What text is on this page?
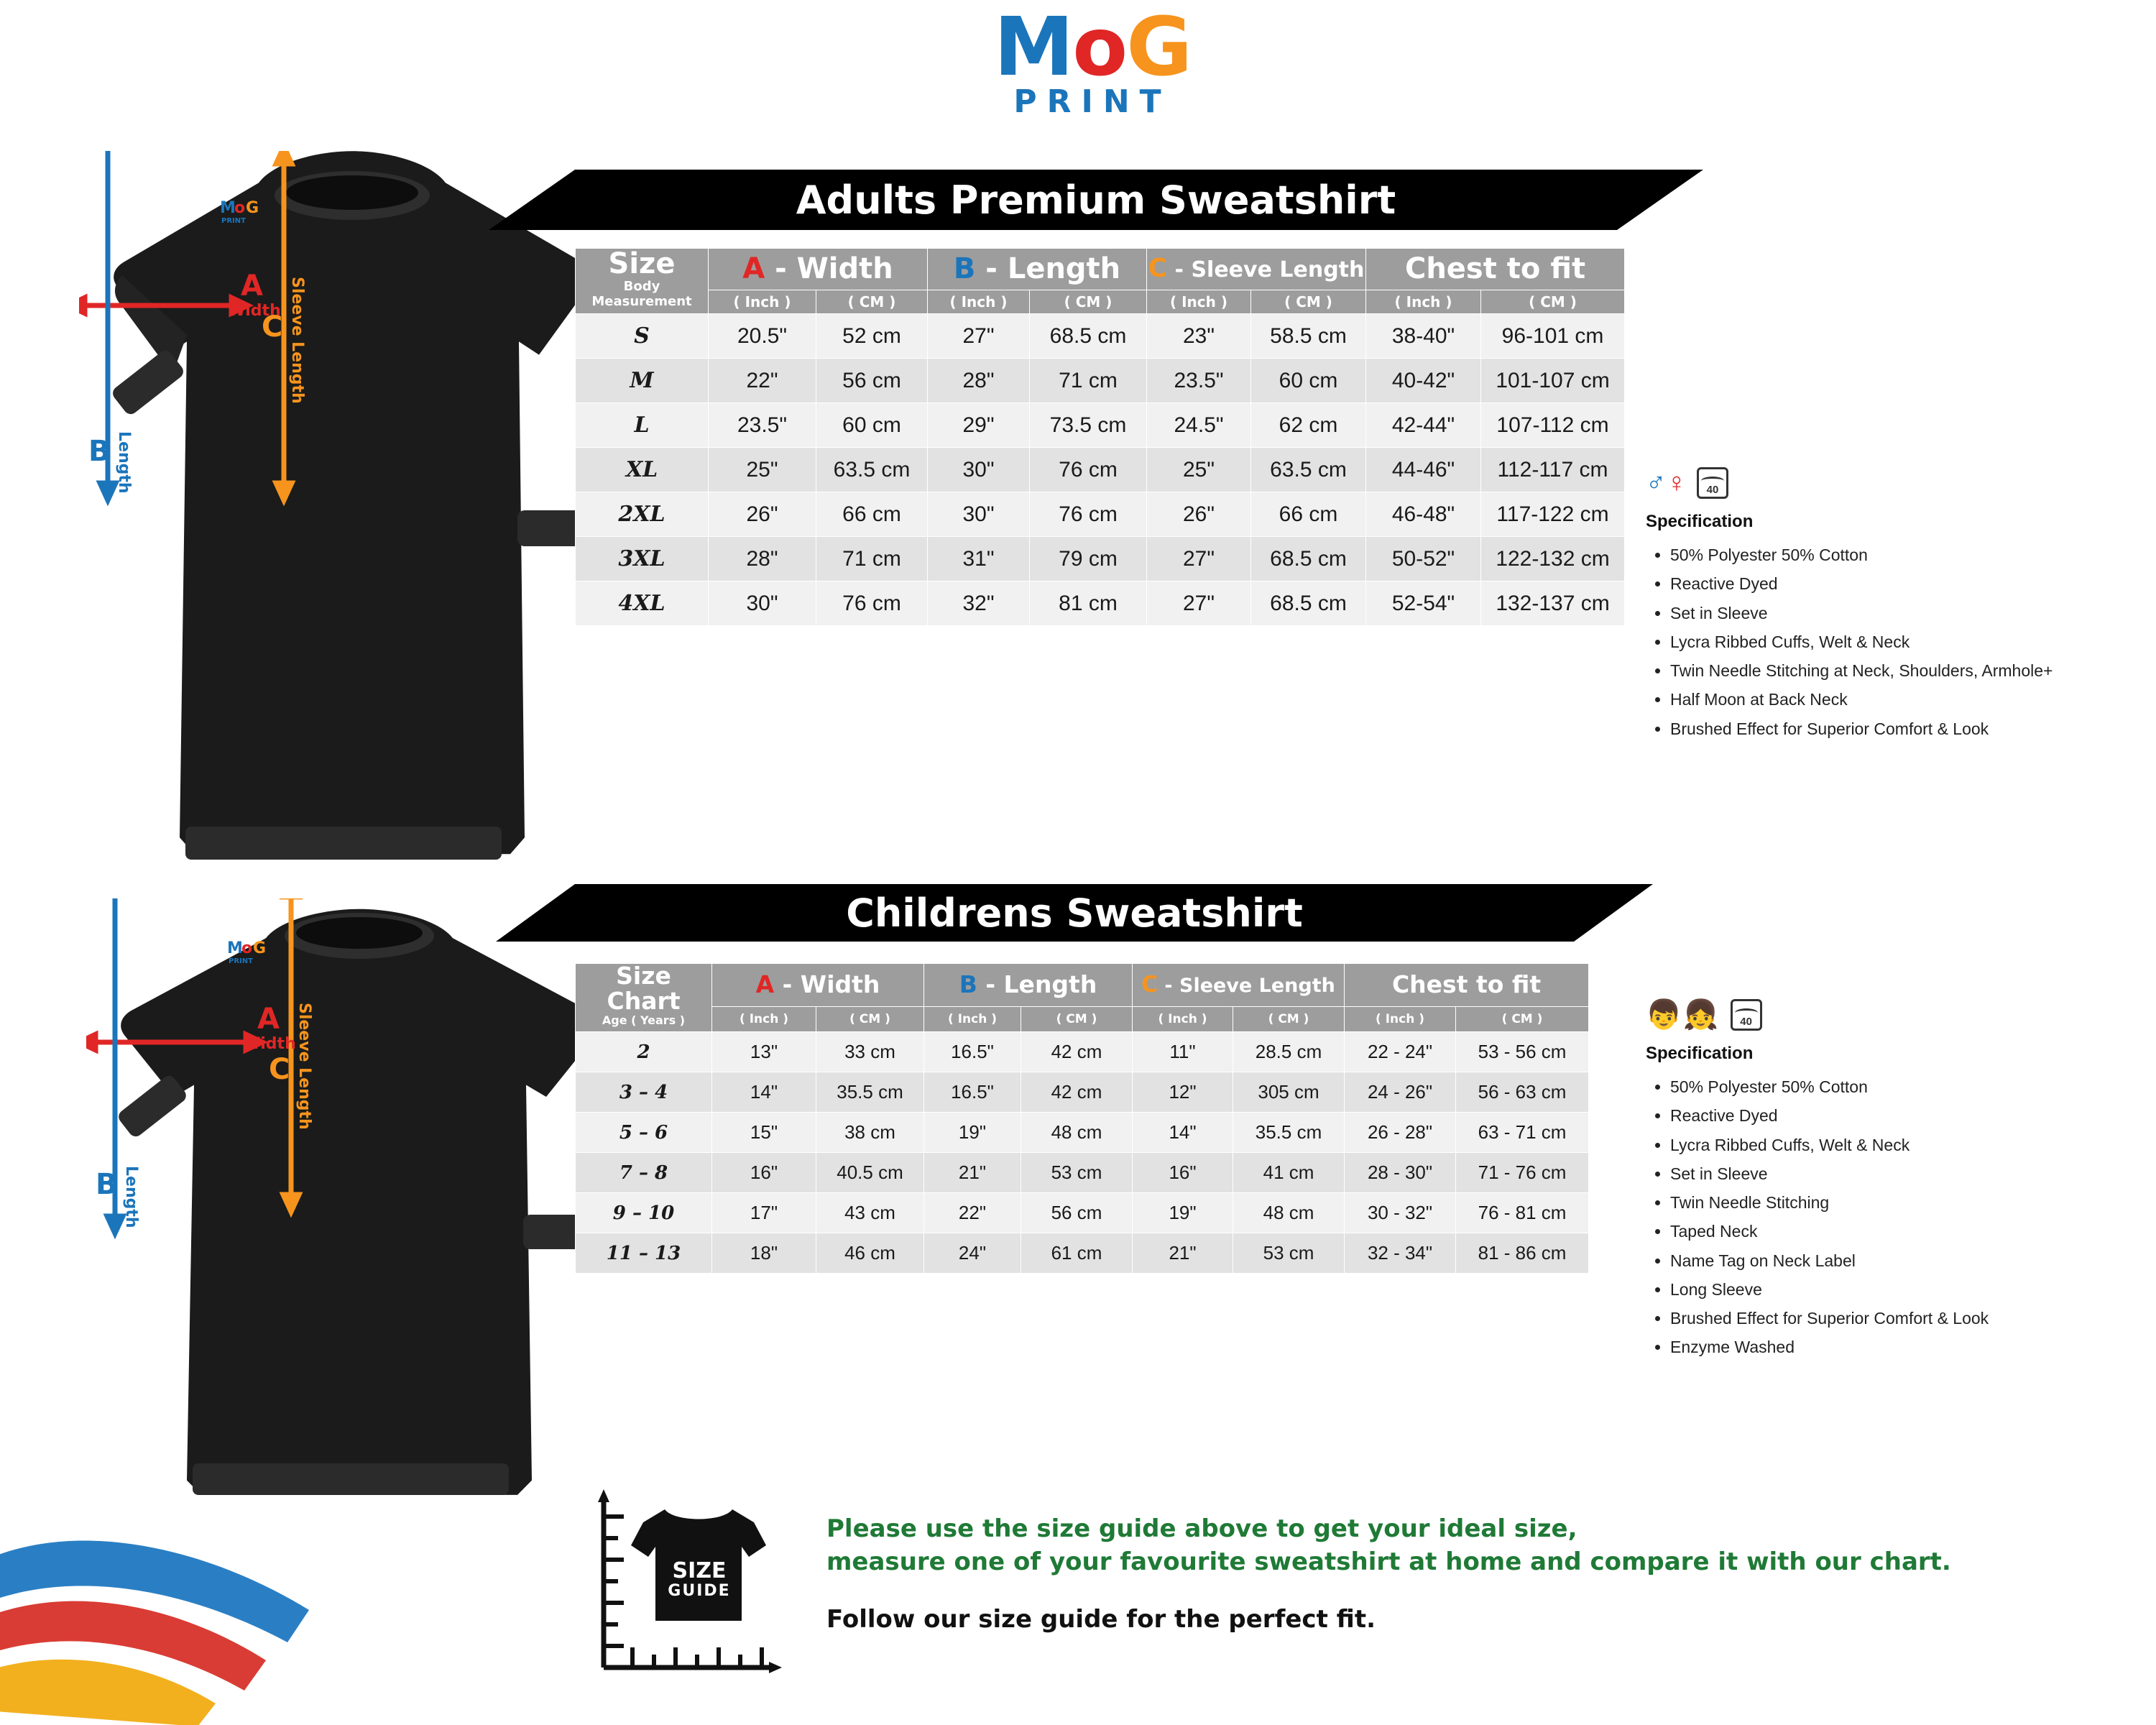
MoG
PRINT
M
o G
PRINT
A
Width
B Length
C Sleeve Length
Adults Premium Sweatshirt
Size
Body Measurement	A - Width		B - Length		C - Sleeve Length		Chest to fit	
	( Inch )	( CM )	( Inch )	( CM )	( Inch )	( CM )	( Inch )	( CM )
S	20.5"	52 cm	27"	68.5 cm	23"	58.5 cm	38-40"	96-101 cm
M	22"	56 cm	28"	71 cm	23.5"	60 cm	40-42"	101-107 cm
L	23.5"	60 cm	29"	73.5 cm	24.5"	62 cm	42-44"	107-112 cm
XL	25"	63.5 cm	30"	76 cm	25"	63.5 cm	44-46"	112-117 cm
2XL	26"	66 cm	30"	76 cm	26"	66 cm	46-48"	117-122 cm
3XL	28"	71 cm	31"	79 cm	27"	68.5 cm	50-52"	122-132 cm
4XL	30"	76 cm	32"	81 cm	27"	68.5 cm	52-54"	132-137 cm
♂♀	40
Specification
• 50% Polyester 50% Cotton
• Reactive Dyed
• Set in Sleeve
• Lycra Ribbed Cuffs, Welt & Neck
• Twin Needle Stitching at Neck, Shoulders, Armhole+
• Half Moon at Back Neck
• Brushed Effect for Superior Comfort & Look
M
o G
PRINT
A
Width
B Length
C Sleeve Length
Childrens Sweatshirt
Size Chart
Age ( Years )	A - Width		B - Length		C - Sleeve Length		Chest to fit	
	( Inch )	( CM )	( Inch )	( CM )	( Inch )	( CM )	( Inch )	( CM )
2	13"	33 cm	16.5"	42 cm	11"	28.5 cm	22 - 24"	53 - 56 cm
3 – 4	14"	35.5 cm	16.5"	42 cm	12"	305 cm	24 - 26"	56 - 63 cm
5 – 6	15"	38 cm	19"	48 cm	14"	35.5 cm	26 - 28"	63 - 71 cm
7 – 8	16"	40.5 cm	21"	53 cm	16"	41 cm	28 - 30"	71 - 76 cm
9 – 10	17"	43 cm	22"	56 cm	19"	48 cm	30 - 32"	76 - 81 cm
11 – 13	18"	46 cm	24"	61 cm	21"	53 cm	32 - 34"	81 - 86 cm
👦👧	40
Specification
• 50% Polyester 50% Cotton
• Reactive Dyed
• Lycra Ribbed Cuffs, Welt & Neck
• Set in Sleeve
• Twin Needle Stitching
• Taped Neck
• Name Tag on Neck Label
• Long Sleeve
• Brushed Effect for Superior Comfort & Look
• Enzyme Washed
SIZE
GUIDE
Please use the size guide above to get your ideal size,
measure one of your favourite sweatshirt at home and compare it with our chart.
Follow our size guide for the perfect fit.
